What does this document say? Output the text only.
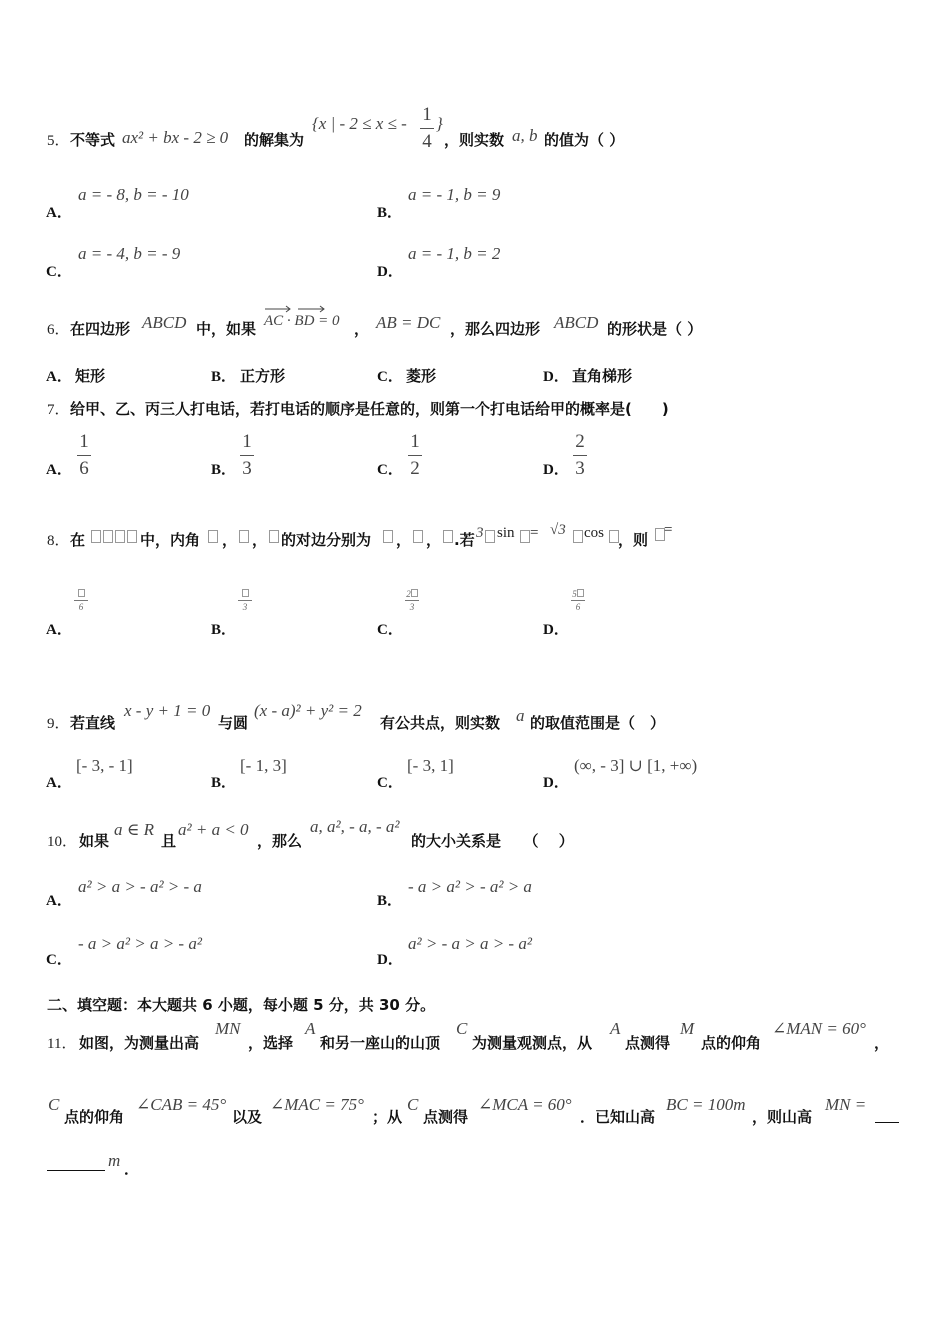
5． 不等式 ax² + bx - 2 ≥ 0 的解集为
{x | - 2 ≤ x ≤ - 1
4
}
，则实数 a, b 的值为（ ）
A．
a = - 8, b = - 10
B．
a = - 1, b = 9
C．
a = - 4, b = - 9
D．
a = - 1, b = 2
6． 在四边形 ABCD 中，如果 AC · BD = 0 ， AB = DC ，那么四边形 ABCD 的形状是（ ）
A． 矩形	B． 正方形	C． 菱形	D． 直角梯形
7． 给甲、乙、丙三人打电话，若打电话的顺序是任意的，则第一个打电话给甲的概率是(　　)
A．
1
6	B．
1
3	C．
1
2	D．
2
3
8． 在	中，内角 ， ， 的对边分别为 ， ， .若 3 sin = √3 cos ，则
=
A．
6
B．
3
C．
2
3
D．
5
6
9． 若直线
x - y + 1 = 0
与圆
(x - a)² + y² = 2
有公共点，则实数 a 的取值范围是（　）
A．
[- 3, - 1]
B．
[- 1, 3]
C．
[- 3, 1]
D．
(∞, - 3] ∪ [1, +∞)
10． 如果
a ∈ R
且
a² + a < 0
，那么
a, a², - a, - a²
的大小关系是　　（　 ）
A．
a² > a > - a² > - a
B．
- a > a² > - a² > a
C．
- a > a² > a > - a²
D．
a² > - a > a > - a²
二、填空题：本大题共 6 小题，每小题 5 分，共 30 分。
11． 如图，为测量出高
MN
，选择
A
和另一座山的山顶
C
为测量观测点，从
A
点测得
M
点的仰角
∠MAN = 60°
，
C
点的仰角
∠CAB = 45°
以及
∠MAC = 75°
；从
C
点测得
∠MCA = 60°
．已知山高
BC = 100m
，则山高
MN =
m ．
